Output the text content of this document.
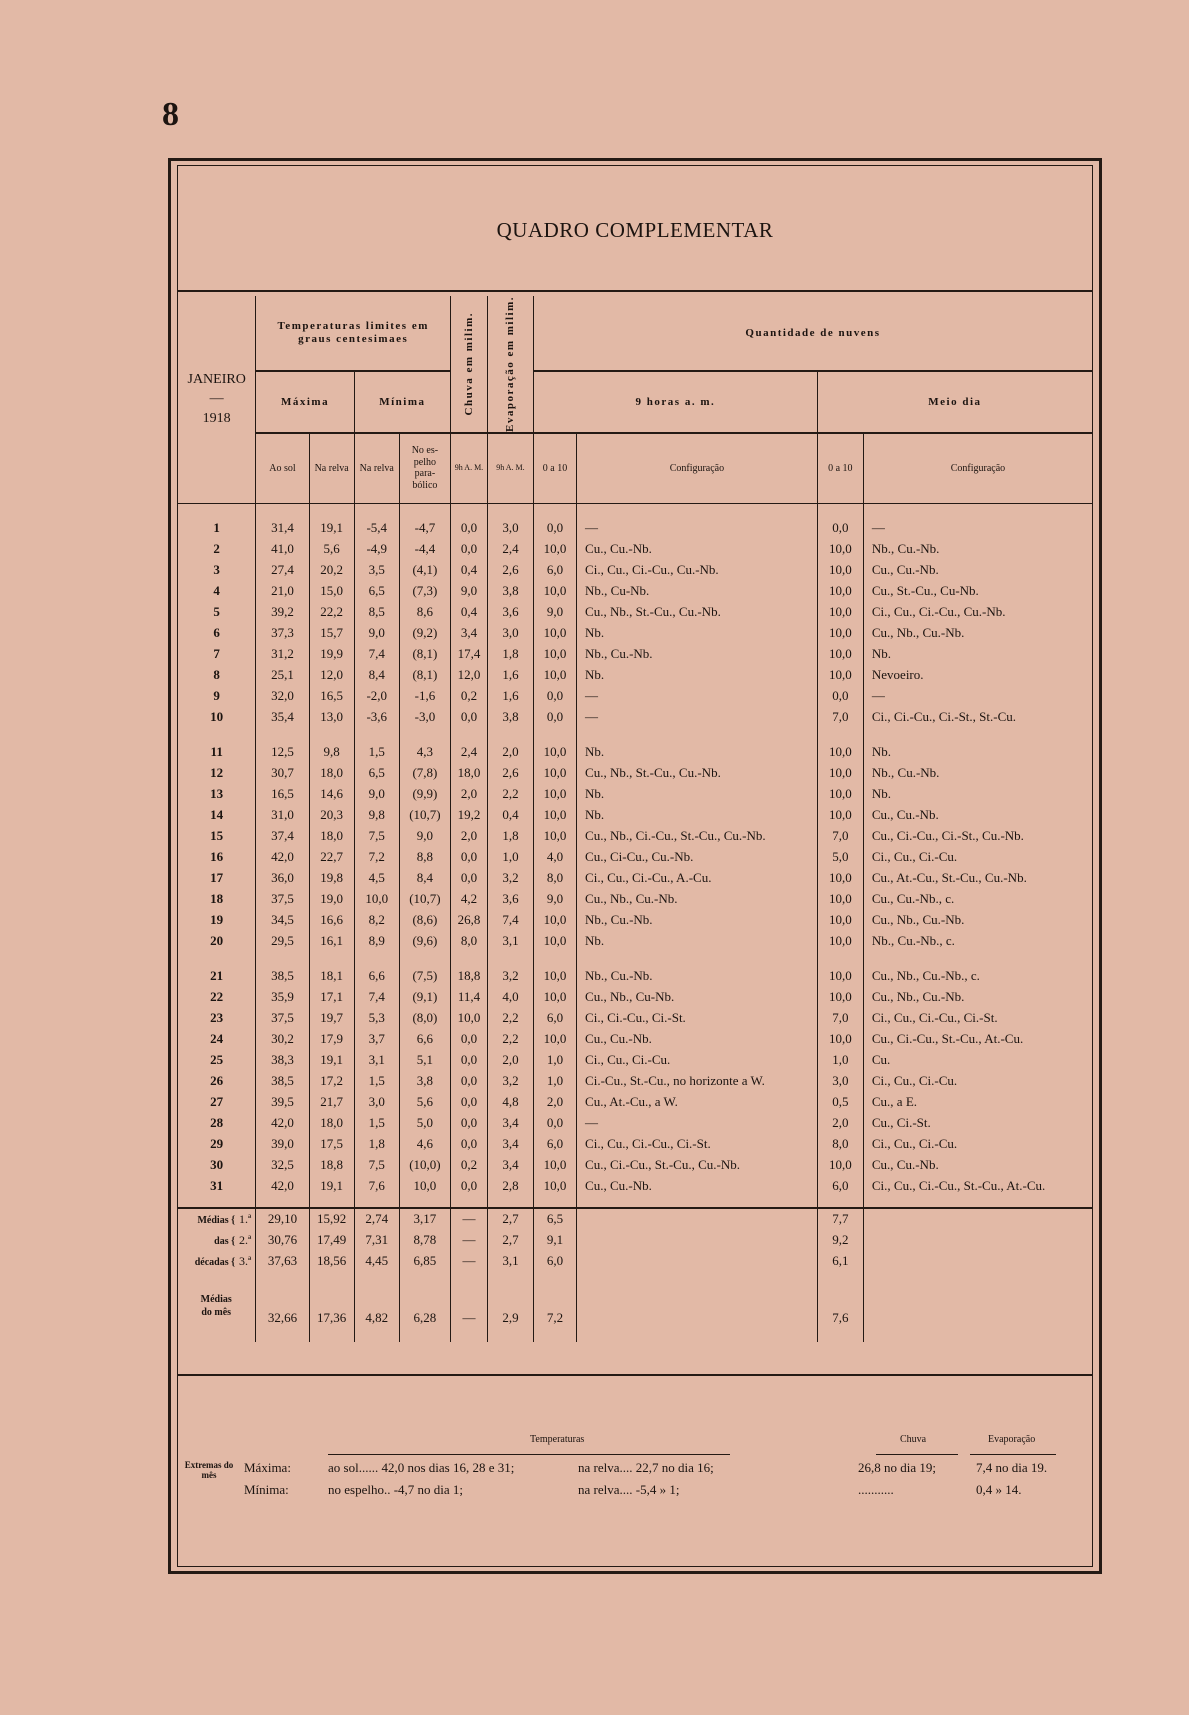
8
QUADRO COMPLEMENTAR
JANEIRO
—
1918	Temperaturas limites em graus centesimaes				Chuva em milim.	Evaporação em milim.	Quantidade de nuvens			

	Máxima		Mínima				9 horas a. m.		Meio dia	

	Ao sol	Na relva	Na relva	No es-pelho para-bólico	9h A. M.	9h A. M.	0 a 10	Configuração	0 a 10	Configuração

1	31,4	19,1	-5,4	-4,7	0,0	3,0	0,0	—	0,0	—
2	41,0	5,6	-4,9	-4,4	0,0	2,4	10,0	Cu., Cu.-Nb.	10,0	Nb., Cu.-Nb.
3	27,4	20,2	3,5	(4,1)	0,4	2,6	6,0	Ci., Cu., Ci.-Cu., Cu.-Nb.	10,0	Cu., Cu.-Nb.
4	21,0	15,0	6,5	(7,3)	9,0	3,8	10,0	Nb., Cu-Nb.	10,0	Cu., St.-Cu., Cu-Nb.
5	39,2	22,2	8,5	8,6	0,4	3,6	9,0	Cu., Nb., St.-Cu., Cu.-Nb.	10,0	Ci., Cu., Ci.-Cu., Cu.-Nb.
6	37,3	15,7	9,0	(9,2)	3,4	3,0	10,0	Nb.	10,0	Cu., Nb., Cu.-Nb.
7	31,2	19,9	7,4	(8,1)	17,4	1,8	10,0	Nb., Cu.-Nb.	10,0	Nb.
8	25,1	12,0	8,4	(8,1)	12,0	1,6	10,0	Nb.	10,0	Nevoeiro.
9	32,0	16,5	-2,0	-1,6	0,2	1,6	0,0	—	0,0	—
10	35,4	13,0	-3,6	-3,0	0,0	3,8	0,0	—	7,0	Ci., Ci.-Cu., Ci.-St., St.-Cu.

11	12,5	9,8	1,5	4,3	2,4	2,0	10,0	Nb.	10,0	Nb.
12	30,7	18,0	6,5	(7,8)	18,0	2,6	10,0	Cu., Nb., St.-Cu., Cu.-Nb.	10,0	Nb., Cu.-Nb.
13	16,5	14,6	9,0	(9,9)	2,0	2,2	10,0	Nb.	10,0	Nb.
14	31,0	20,3	9,8	(10,7)	19,2	0,4	10,0	Nb.	10,0	Cu., Cu.-Nb.
15	37,4	18,0	7,5	9,0	2,0	1,8	10,0	Cu., Nb., Ci.-Cu., St.-Cu., Cu.-Nb.	7,0	Cu., Ci.-Cu., Ci.-St., Cu.-Nb.
16	42,0	22,7	7,2	8,8	0,0	1,0	4,0	Cu., Ci-Cu., Cu.-Nb.	5,0	Ci., Cu., Ci.-Cu.
17	36,0	19,8	4,5	8,4	0,0	3,2	8,0	Ci., Cu., Ci.-Cu., A.-Cu.	10,0	Cu., At.-Cu., St.-Cu., Cu.-Nb.
18	37,5	19,0	10,0	(10,7)	4,2	3,6	9,0	Cu., Nb., Cu.-Nb.	10,0	Cu., Cu.-Nb., c.
19	34,5	16,6	8,2	(8,6)	26,8	7,4	10,0	Nb., Cu.-Nb.	10,0	Cu., Nb., Cu.-Nb.
20	29,5	16,1	8,9	(9,6)	8,0	3,1	10,0	Nb.	10,0	Nb., Cu.-Nb., c.

21	38,5	18,1	6,6	(7,5)	18,8	3,2	10,0	Nb., Cu.-Nb.	10,0	Cu., Nb., Cu.-Nb., c.
22	35,9	17,1	7,4	(9,1)	11,4	4,0	10,0	Cu., Nb., Cu-Nb.	10,0	Cu., Nb., Cu.-Nb.
23	37,5	19,7	5,3	(8,0)	10,0	2,2	6,0	Ci., Ci.-Cu., Ci.-St.	7,0	Ci., Cu., Ci.-Cu., Ci.-St.
24	30,2	17,9	3,7	6,6	0,0	2,2	10,0	Cu., Cu.-Nb.	10,0	Cu., Ci.-Cu., St.-Cu., At.-Cu.
25	38,3	19,1	3,1	5,1	0,0	2,0	1,0	Ci., Cu., Ci.-Cu.	1,0	Cu.
26	38,5	17,2	1,5	3,8	0,0	3,2	1,0	Ci.-Cu., St.-Cu., no horizonte a W.	3,0	Ci., Cu., Ci.-Cu.
27	39,5	21,7	3,0	5,6	0,0	4,8	2,0	Cu., At.-Cu., a W.	0,5	Cu., a E.
28	42,0	18,0	1,5	5,0	0,0	3,4	0,0	—	2,0	Cu., Ci.-St.
29	39,0	17,5	1,8	4,6	0,0	3,4	6,0	Ci., Cu., Ci.-Cu., Ci.-St.	8,0	Ci., Cu., Ci.-Cu.
30	32,5	18,8	7,5	(10,0)	0,2	3,4	10,0	Cu., Ci.-Cu., St.-Cu., Cu.-Nb.	10,0	Cu., Cu.-Nb.
31	42,0	19,1	7,6	10,0	0,0	2,8	10,0	Cu., Cu.-Nb.	6,0	Ci., Cu., Ci.-Cu., St.-Cu., At.-Cu.

Médias { 1.ª	29,10	15,92	2,74	3,17	—	2,7	6,5		7,7	
das { 2.ª	30,76	17,49	7,31	8,78	—	2,7	9,1		9,2	
décadas { 3.ª	37,63	18,56	4,45	6,85	—	3,1	6,0		6,1	

Médias
do mês	32,66	17,36	4,82	6,28	—	2,9	7,2		7,6	

Temperaturas	Chuva	Evaporação
Extremas do mês
Máxima:
Mínima:
ao sol...... 42,0 nos dias 16, 28 e 31;	na relva.... 22,7 no dia 16;	26,8 no dia 19;	7,4 no dia 19.
no espelho.. -4,7 no dia 1;	na relva.... -5,4 » 1;	...........	0,4 » 14.
